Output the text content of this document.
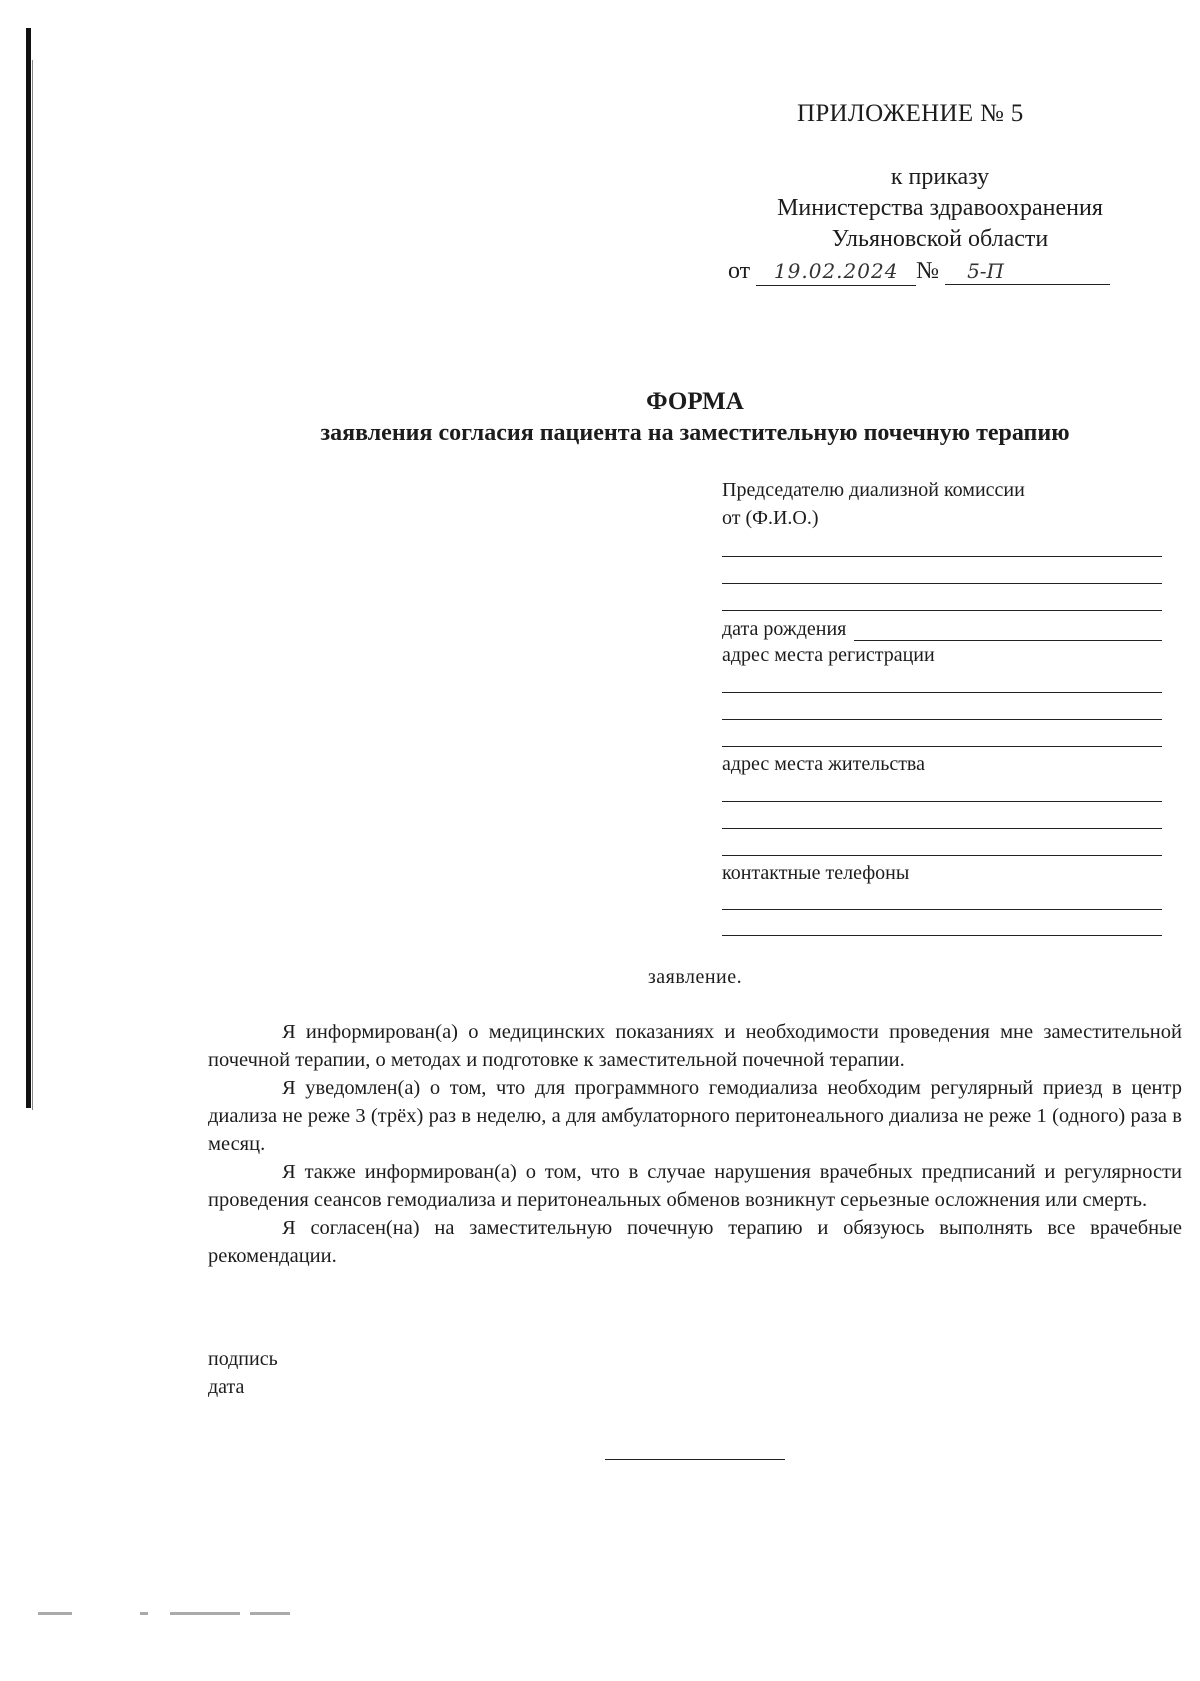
ПРИЛОЖЕНИЕ № 5
к приказу
Министерства здравоохранения
Ульяновской области
от 19.02.2024 № 5-П
ФОРМА
заявления согласия пациента на заместительную почечную терапию
Председателю диализной комиссии
от (Ф.И.О.)
дата рождения
адрес места регистрации
адрес места жительства
контактные телефоны
заявление.

Я информирован(а) о медицинских показаниях и необходимости проведения мне заместительной почечной терапии, о методах и подготовке к заместительной почечной терапии.

Я уведомлен(а) о том, что для программного гемодиализа необходим регулярный приезд в центр диализа не реже 3 (трёх) раз в неделю, а для амбулаторного перитонеального диализа не реже 1 (одного) раза в месяц.

Я также информирован(а) о том, что в случае нарушения врачебных предписаний и регулярности проведения сеансов гемодиализа и перитонеальных обменов возникнут серьезные осложнения или смерть.

Я согласен(на) на заместительную почечную терапию и обязуюсь выполнять все врачебные рекомендации.

подпись
дата
